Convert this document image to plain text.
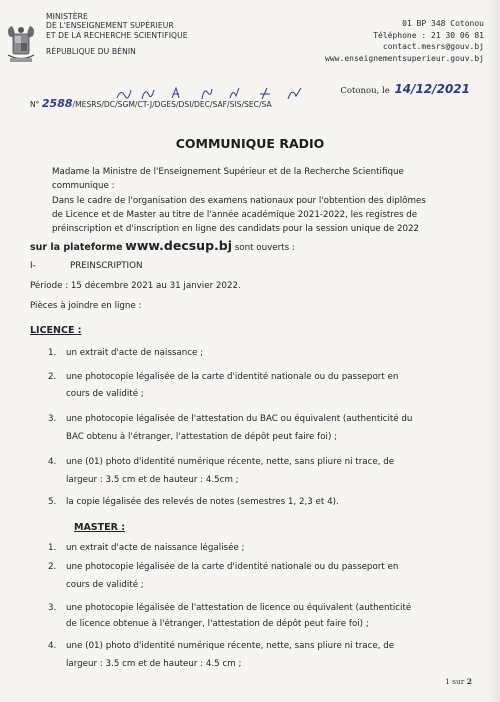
MINISTÈRE
DE L'ENSEIGNEMENT SUPÉRIEUR
ET DE LA RECHERCHE SCIENTIFIQUE
RÉPUBLIQUE DU BÉNIN
01 BP 348 Cotonou
Téléphone : 21 30 06 81
contact.mesrs@gouv.bj
www.enseignementsuperieur.gouv.bj
Cotonou, le 14/12/2021
N° 2588/MESRS/DC/SGM/CT-J/DGES/DSI/DEC/SAF/SIS/SEC/SA
COMMUNIQUE RADIO
Madame la Ministre de l'Enseignement Supérieur et de la Recherche Scientifique
communique :
Dans le cadre de l'organisation des examens nationaux pour l'obtention des diplômes
de Licence et de Master au titre de l'année académique 2021-2022, les registres de
préinscription et d'inscription en ligne des candidats pour la session unique de 2022
sur la plateforme www.decsup.bj sont ouverts :
I-	PREINSCRIPTION
Période : 15 décembre 2021 au 31 janvier 2022.
Pièces à joindre en ligne :
LICENCE :
1. un extrait d'acte de naissance ;
2. une photocopie légalisée de la carte d'identité nationale ou du passeport en
cours de validité ;
3. une photocopie légalisée de l'attestation du BAC ou équivalent (authenticité du
BAC obtenu à l'étranger, l'attestation de dépôt peut faire foi) ;
4. une (01) photo d'identité numérique récente, nette, sans pliure ni trace, de
largeur : 3.5 cm et de hauteur : 4.5cm ;
5. la copie légalisée des relevés de notes (semestres 1, 2,3 et 4).
MASTER :
1. un extrait d'acte de naissance légalisée ;
2. une photocopie légalisée de la carte d'identité nationale ou du passeport en
cours de validité ;
3. une photocopie légalisée de l'attestation de licence ou équivalent (authenticité
de licence obtenue à l'étranger, l'attestation de dépôt peut faire foi) ;
4. une (01) photo d'identité numérique récente, nette, sans pliure ni trace, de
largeur : 3.5 cm et de hauteur : 4.5 cm ;
1 sur 2
